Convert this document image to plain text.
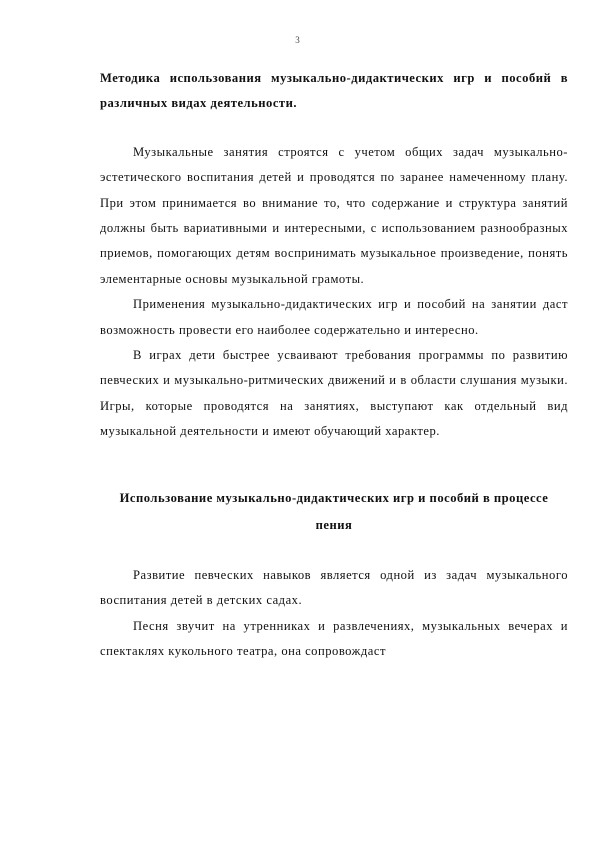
3
Методика использования музыкально-дидактических игр и пособий в различных видах деятельности.

Музыкальные занятия строятся с учетом общих задач музыкально-эстетического воспитания детей и проводятся по заранее намеченному плану. При этом принимается во внимание то, что содержание и структура занятий должны быть вариативными и интересными, с использованием разнообразных приемов, помогающих детям воспринимать музыкальное произведение, понять элементарные основы музыкальной грамоты.

Применения музыкально-дидактических игр и пособий на занятии даст возможность провести его наиболее содержательно и интересно.

В играх дети быстрее усваивают требования программы по развитию певческих и музыкально-ритмических движений и в области слушания музыки. Игры, которые проводятся на занятиях, выступают как отдельный вид музыкальной деятельности и имеют обучающий характер.

Использование музыкально-дидактических игр и пособий в процессе пения

Развитие певческих навыков является одной из задач музыкального воспитания детей в детских садах.

Песня звучит на утренниках и развлечениях, музыкальных вечерах и спектаклях кукольного театра, она сопровождаст
